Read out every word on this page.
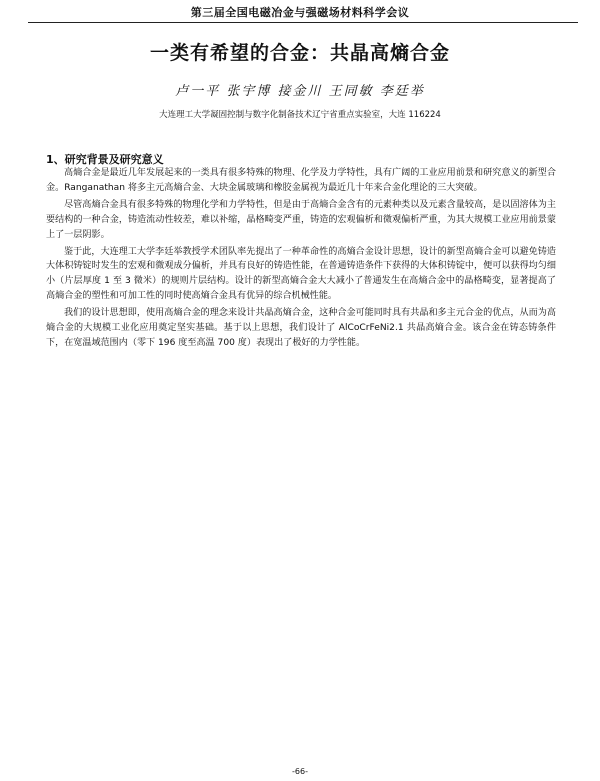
第三届全国电磁冶金与强磁场材料科学会议
一类有希望的合金：共晶高熵合金
卢一平 张宇博 接金川 王同敏 李廷举
大连理工大学凝固控制与数字化制备技术辽宁省重点实验室，大连 116224
1、研究背景及研究意义

高熵合金是最近几年发展起来的一类具有很多特殊的物理、化学及力学特性，具有广阔的工业应用前景和研究意义的新型合金。Ranganathan 将多主元高熵合金、大块金属玻璃和橡胶金属视为最近几十年来合金化理论的三大突破。

尽管高熵合金具有很多特殊的物理化学和力学特性，但是由于高熵合金含有的元素种类以及元素含量较高，是以固溶体为主要结构的一种合金，铸造流动性较差，难以补缩，晶格畸变严重，铸造的宏观偏析和微观偏析严重，为其大规模工业应用前景蒙上了一层阴影。

鉴于此，大连理工大学李廷举教授学术团队率先提出了一种革命性的高熵合金设计思想，设计的新型高熵合金可以避免铸造大体积铸锭时发生的宏观和微观成分偏析，并具有良好的铸造性能，在普通铸造条件下获得的大体积铸锭中，便可以获得均匀细小（片层厚度 1 至 3 微米）的规则片层结构。设计的新型高熵合金大大减小了普通发生在高熵合金中的晶格畸变，显著提高了高熵合金的塑性和可加工性的同时使高熵合金具有优异的综合机械性能。

我们的设计思想即，使用高熵合金的理念来设计共晶高熵合金，这种合金可能同时具有共晶和多主元合金的优点，从而为高熵合金的大规模工业化应用奠定坚实基础。基于以上思想，我们设计了 AlCoCrFeNi2.1 共晶高熵合金。该合金在铸态铸条件下，在宽温域范围内（零下 196 度至高温 700 度）表现出了极好的力学性能。

-66-
